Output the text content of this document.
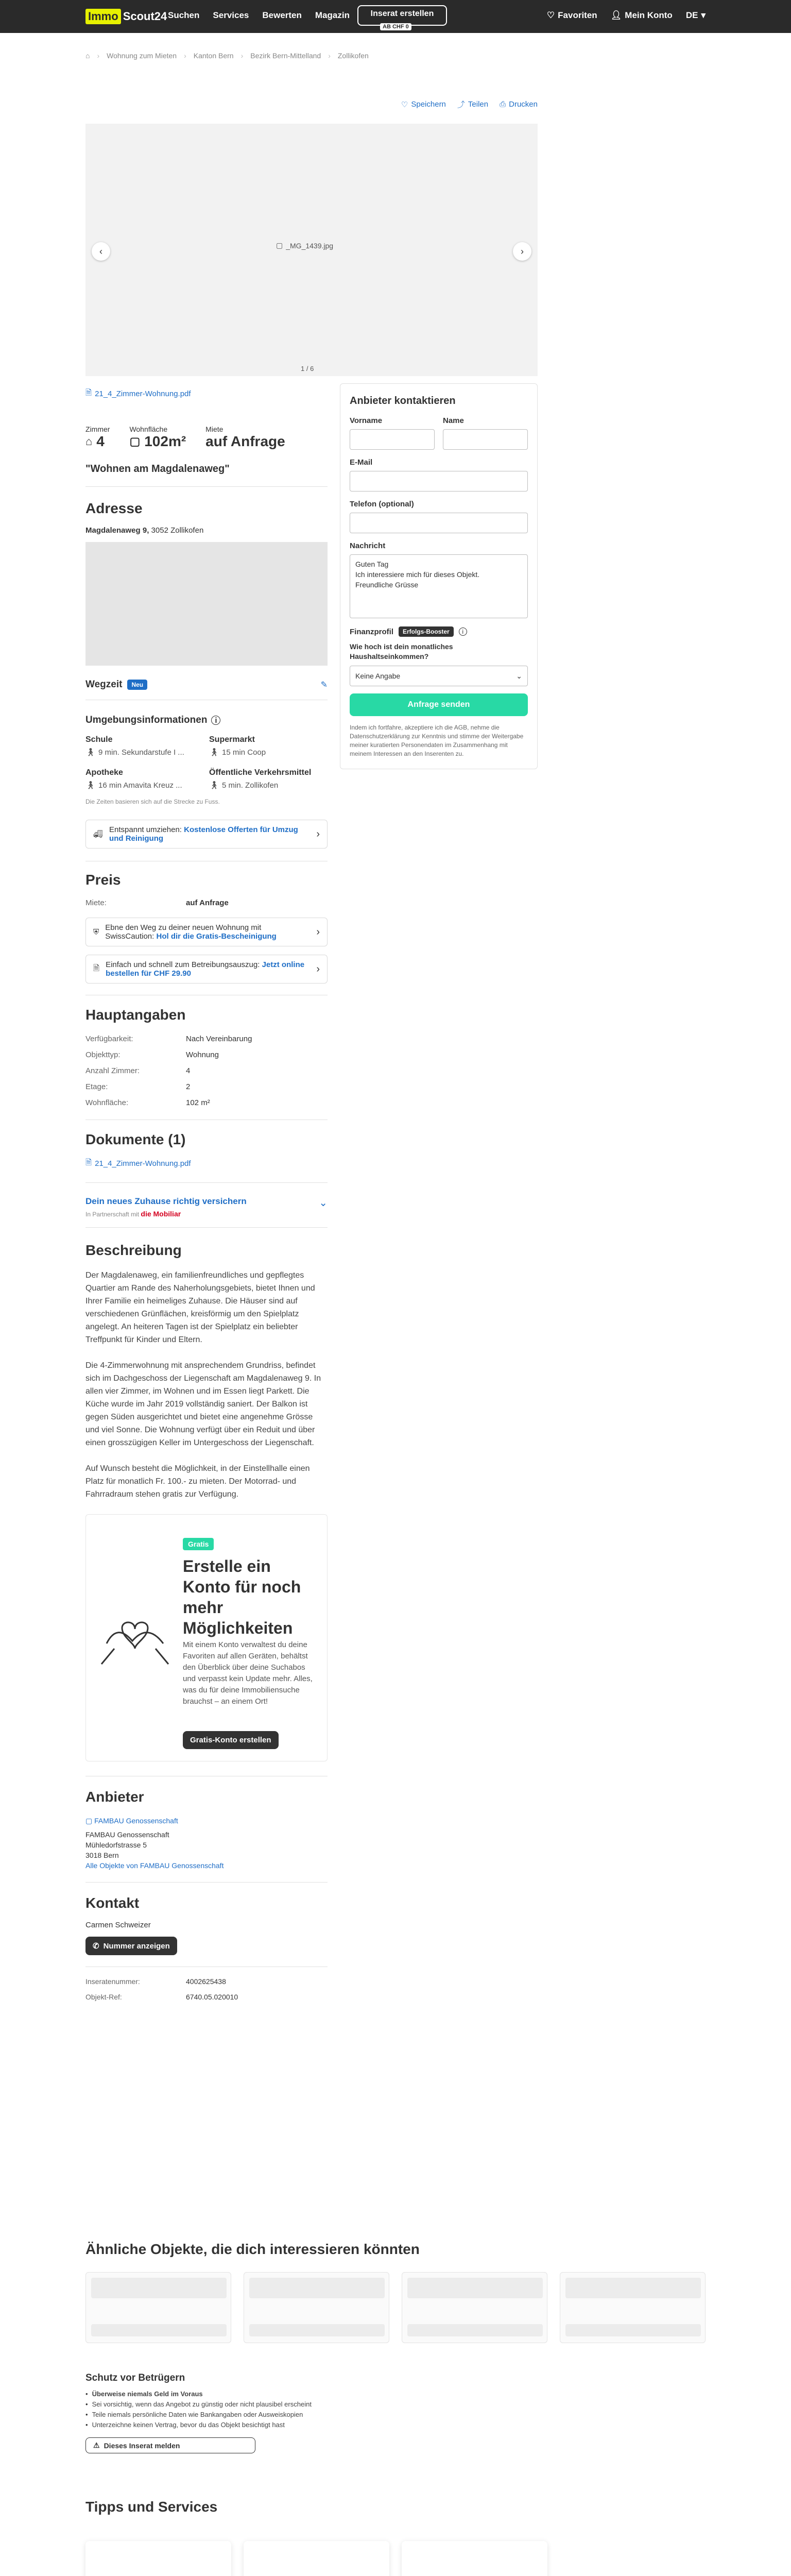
Immo Scout24 Suchen Services Bewerten Magazin	Inserat erstellen
AB CHF 0
♡ Favoriten 👤︎ Mein Konto DE ▾
⌂ › Wohnung zum Mieten › Kanton Bern › Bezirk Bern-Mittelland › Zollikofen
♡ Speichern ⤴ Teilen ⎙ Drucken
▢ _MG_1439.jpg
‹	›
1 / 6
🗎︎ 21_4_Zimmer-Wohnung.pdf
Zimmer
⌂ 4
Wohnfläche
▢ 102m²
Miete
auf Anfrage
"Wohnen am Magdalenaweg"
Adresse
Magdalenaweg 9, 3052 Zollikofen
Wegzeit	Neu	✎
Umgebungsinformationen i
Schule
🚶︎ 9 min. Sekundarstufe I ...
Supermarkt
🚶︎ 15 min Coop
Apotheke
🚶︎ 16 min Amavita Kreuz ...
Öffentliche Verkehrsmittel
🚶︎ 5 min. Zollikofen
Die Zeiten basieren sich auf die Strecke zu Fuss.
🚚︎
Entspannt umziehen: Kostenlose Offerten für Umzug und Reinigung	›
Preis
Miete:	auf Anfrage
⛨ Ebne den Weg zu deiner neuen Wohnung mit SwissCaution: Hol dir die Gratis-Bescheinigung	›
🗎︎ Einfach und schnell zum Betreibungsauszug: Jetzt online bestellen für CHF 29.90	›
Hauptangaben
Verfügbarkeit:	Nach Vereinbarung
Objekttyp:	Wohnung
Anzahl Zimmer:	4
Etage:	2
Wohnfläche:	102 m²
Dokumente (1)
🗎︎ 21_4_Zimmer-Wohnung.pdf
Dein neues Zuhause richtig versichern
In Partnerschaft mit die Mobiliar
⌄
Beschreibung

Der Magdalenaweg, ein familienfreundliches und gepflegtes Quartier am Rande des Naherholungsgebiets, bietet Ihnen und Ihrer Familie ein heimeliges Zuhause. Die Häuser sind auf verschiedenen Grünflächen, kreisförmig um den Spielplatz angelegt. An heiteren Tagen ist der Spielplatz ein beliebter Treffpunkt für Kinder und Eltern.

Die 4-Zimmerwohnung mit ansprechendem Grundriss, befindet sich im Dachgeschoss der Liegenschaft am Magdalenaweg 9. In allen vier Zimmer, im Wohnen und im Essen liegt Parkett. Die Küche wurde im Jahr 2019 vollständig saniert. Der Balkon ist gegen Süden ausgerichtet und bietet eine angenehme Grösse und viel Sonne. Die Wohnung verfügt über ein Reduit und über einen grosszügigen Keller im Untergeschoss der Liegenschaft.

Auf Wunsch besteht die Möglichkeit, in der Einstellhalle einen Platz für monatlich Fr. 100.- zu mieten. Der Motorrad- und Fahrradraum stehen gratis zur Verfügung.

Gratis
Erstelle ein Konto für noch mehr Möglichkeiten
Mit einem Konto verwaltest du deine Favoriten auf allen Geräten, behältst den Überblick über deine Suchabos und verpasst kein Update mehr. Alles, was du für deine Immobiliensuche brauchst – an einem Ort!
Gratis-Konto erstellen
Anbieter
▢ FAMBAU Genossenschaft
FAMBAU Genossenschaft
Mühledorfstrasse 5
3018 Bern
Alle Objekte von FAMBAU Genossenschaft
Kontakt
Carmen Schweizer
✆ Nummer anzeigen
Inseratenummer:	4002625438
Objekt-Ref:	6740.05.020010
Anbieter kontaktieren
Vorname	Name
E-Mail
Telefon (optional)
Nachricht
Guten Tag
Ich interessiere mich für dieses Objekt.
Freundliche Grüsse
Finanzprofil	Erfolgs-Booster	i
Wie hoch ist dein monatliches Haushaltseinkommen?
Keine Angabe	⌄
Anfrage senden
Indem ich fortfahre, akzeptiere ich die AGB, nehme die Datenschutzerklärung zur Kenntnis und stimme der Weitergabe meiner kuratierten Personendaten im Zusammenhang mit meinem Interessen an den Inserenten zu.
Ähnliche Objekte, die dich interessieren könnten
Schutz vor Betrügern
• Überweise niemals Geld im Voraus
• Sei vorsichtig, wenn das Angebot zu günstig oder nicht plausibel erscheint
• Teile niemals persönliche Daten wie Bankangaben oder Ausweiskopien
• Unterzeichne keinen Vertrag, bevor du das Objekt besichtigt hast
⚠︎ Dieses Inserat melden
Tipps und Services
